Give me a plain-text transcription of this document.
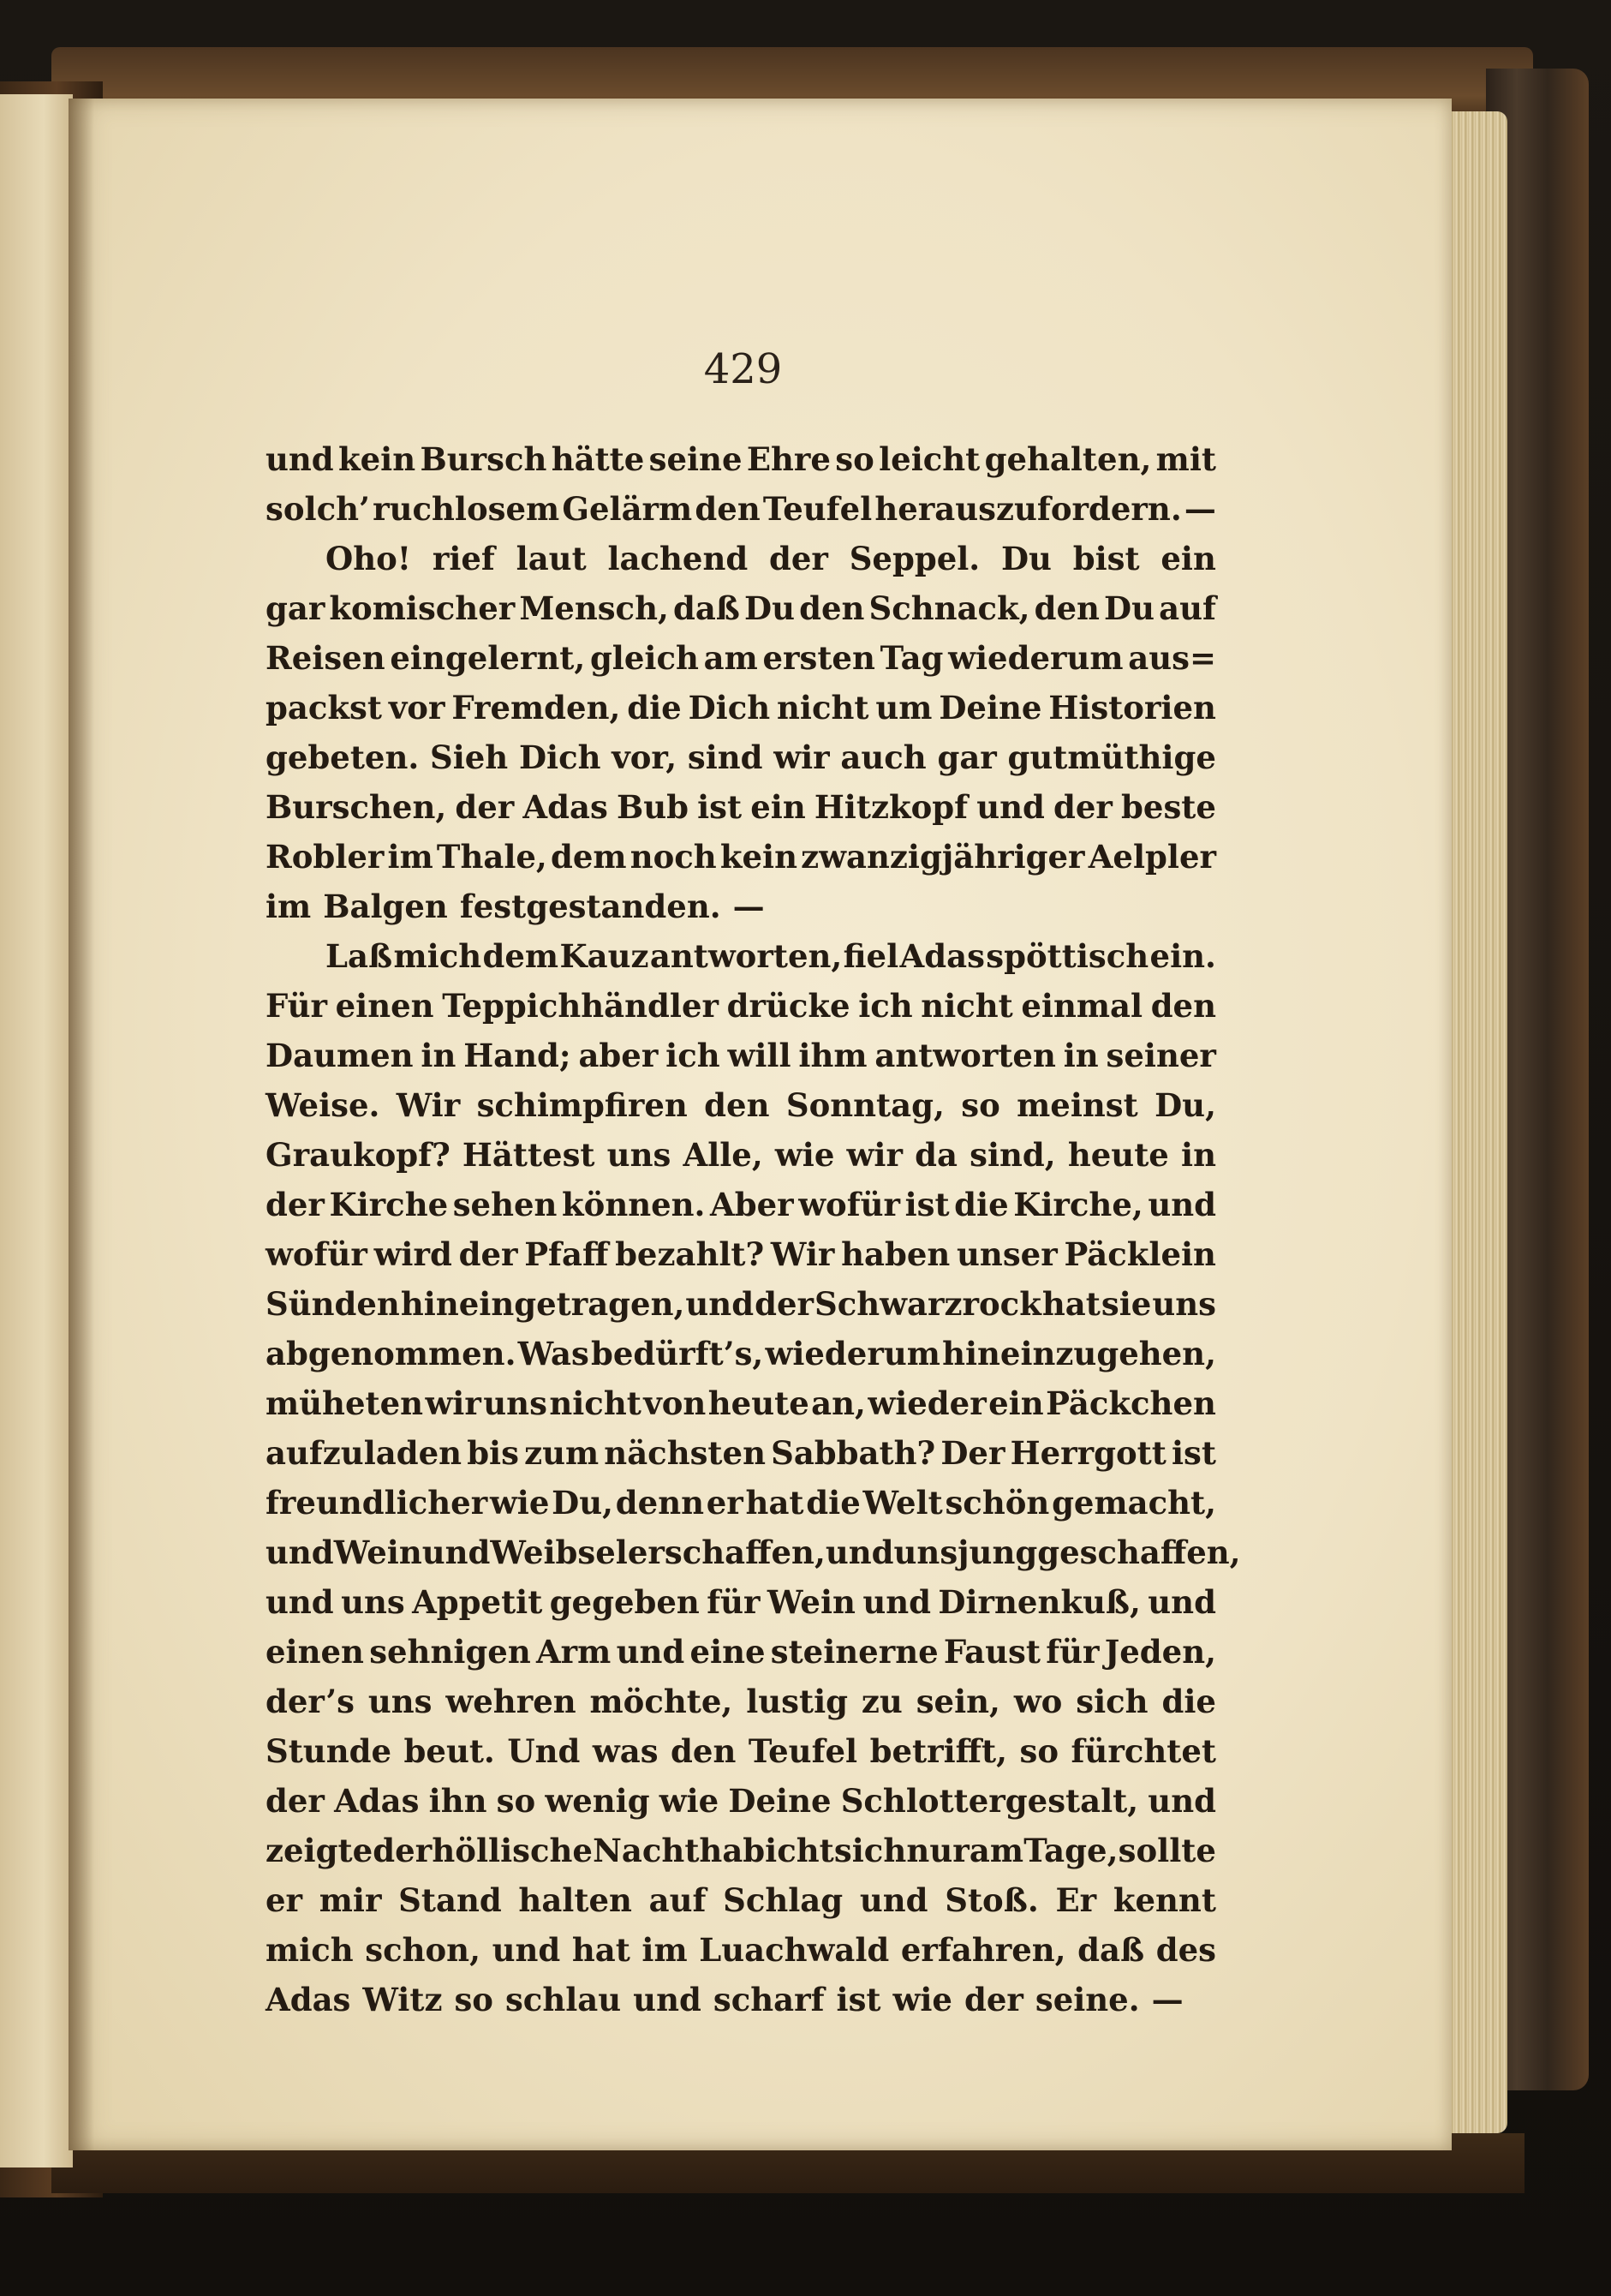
429
und kein Bursch hätte seine Ehre so leicht gehalten, mit
solch’ ruchlosem Gelärm den Teufel herauszufordern. —
Oho! rief laut lachend der Seppel. Du bist ein
gar komischer Mensch, daß Du den Schnack, den Du auf
Reisen eingelernt, gleich am ersten Tag wiederum aus=
packst vor Fremden, die Dich nicht um Deine Historien
gebeten. Sieh Dich vor, sind wir auch gar gutmüthige
Burschen, der Adas Bub ist ein Hitzkopf und der beste
Robler im Thale, dem noch kein zwanzigjähriger Aelpler
im Balgen festgestanden. —
Laß mich dem Kauz antworten, fiel Adas spöttisch ein.
Für einen Teppichhändler drücke ich nicht einmal den
Daumen in Hand; aber ich will ihm antworten in seiner
Weise. Wir schimpfiren den Sonntag, so meinst Du,
Graukopf? Hättest uns Alle, wie wir da sind, heute in
der Kirche sehen können. Aber wofür ist die Kirche, und
wofür wird der Pfaff bezahlt? Wir haben unser Päcklein
Sünden hineingetragen, und der Schwarzrock hat sie uns
abgenommen. Was bedürft’s, wiederum hineinzugehen,
müheten wir uns nicht von heute an, wieder ein Päckchen
aufzuladen bis zum nächsten Sabbath? Der Herrgott ist
freundlicher wie Du, denn er hat die Welt schön gemacht,
und Wein und Weibsel erschaffen, und uns jung geschaffen,
und uns Appetit gegeben für Wein und Dirnenkuß, und
einen sehnigen Arm und eine steinerne Faust für Jeden,
der’s uns wehren möchte, lustig zu sein, wo sich die
Stunde beut. Und was den Teufel betrifft, so fürchtet
der Adas ihn so wenig wie Deine Schlottergestalt, und
zeigte der höllische Nachthabicht sich nur am Tage, sollte
er mir Stand halten auf Schlag und Stoß. Er kennt
mich schon, und hat im Luachwald erfahren, daß des
Adas Witz so schlau und scharf ist wie der seine. —
